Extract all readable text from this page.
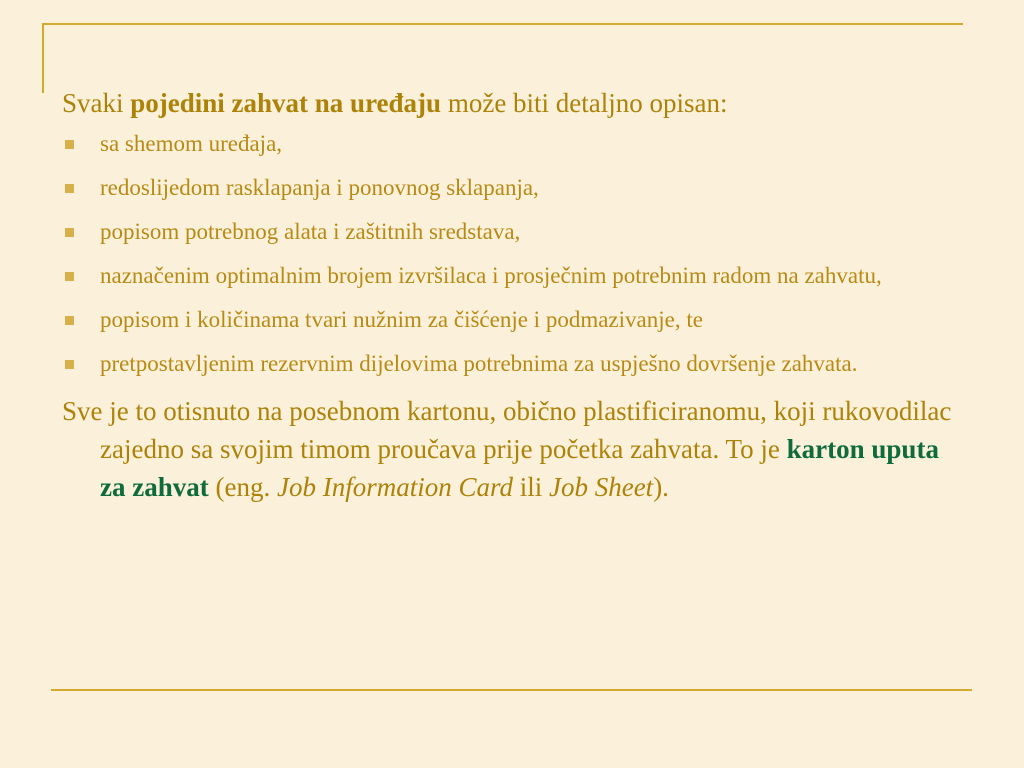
Svaki pojedini zahvat na uređaju može biti detaljno opisan:

sa shemom uređaja,
redoslijedom rasklapanja i ponovnog sklapanja,
popisom potrebnog alata i zaštitnih sredstava,
naznačenim optimalnim brojem izvršilaca i prosječnim potrebnim radom na zahvatu,
popisom i količinama tvari nužnim za čišćenje i podmazivanje, te
pretpostavljenim rezervnim dijelovima potrebnima za uspješno dovršenje zahvata.

Sve je to otisnuto na posebnom kartonu, obično plastificiranomu, koji rukovodilac zajedno sa svojim timom proučava prije početka zahvata. To je karton uputa za zahvat (eng. Job Information Card ili Job Sheet).
